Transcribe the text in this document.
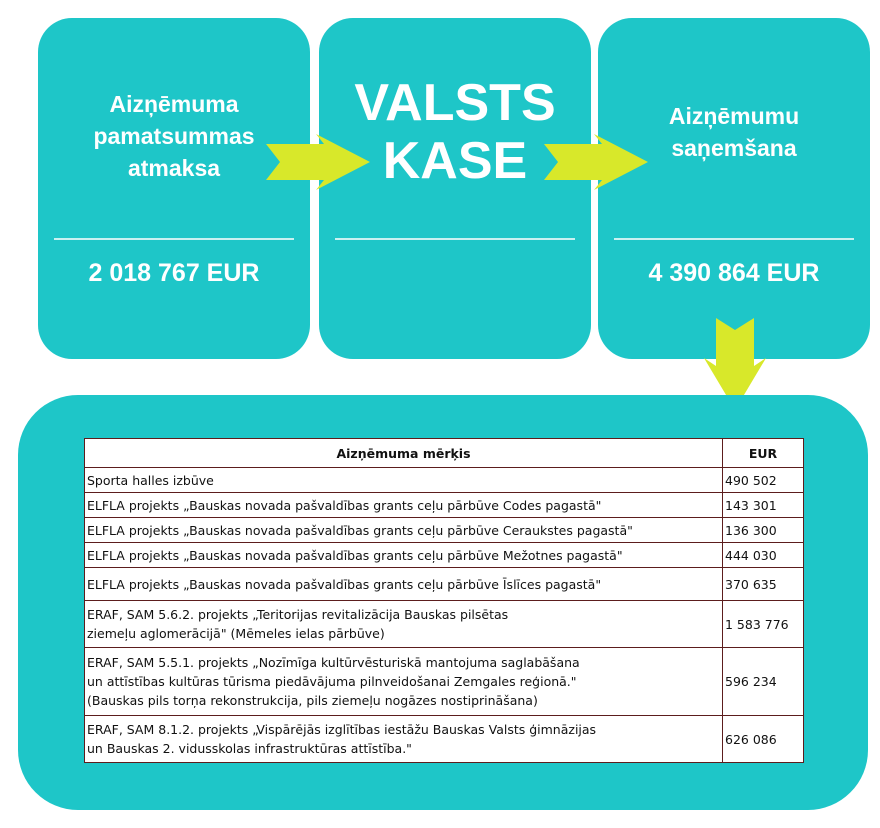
Aizņēmuma
pamatsummas
atmaksa
2 018 767 EUR
VALSTS
KASE
Aizņēmumu
saņemšana
4 390 864 EUR
Aizņēmuma mērķis	EUR
Sporta halles izbūve	490 502
ELFLA projekts „Bauskas novada pašvaldības grants ceļu pārbūve Codes pagastā"	143 301
ELFLA projekts „Bauskas novada pašvaldības grants ceļu pārbūve Ceraukstes pagastā"	136 300
ELFLA projekts „Bauskas novada pašvaldības grants ceļu pārbūve Mežotnes pagastā"	444 030
ELFLA projekts „Bauskas novada pašvaldības grants ceļu pārbūve Īslīces pagastā"	370 635
ERAF, SAM 5.6.2. projekts „Teritorijas revitalizācija Bauskas pilsētas
ziemeļu aglomerācijā" (Mēmeles ielas pārbūve)	1 583 776
ERAF, SAM 5.5.1. projekts „Nozīmīga kultūrvēsturiskā mantojuma saglabāšana
un attīstības kultūras tūrisma piedāvājuma pilnveidošanai Zemgales reģionā."
(Bauskas pils torņa rekonstrukcija, pils ziemeļu nogāzes nostiprināšana)	596 234
ERAF, SAM 8.1.2. projekts „Vispārējās izglītības iestāžu Bauskas Valsts ģimnāzijas
un Bauskas 2. vidusskolas infrastruktūras attīstība."	626 086
